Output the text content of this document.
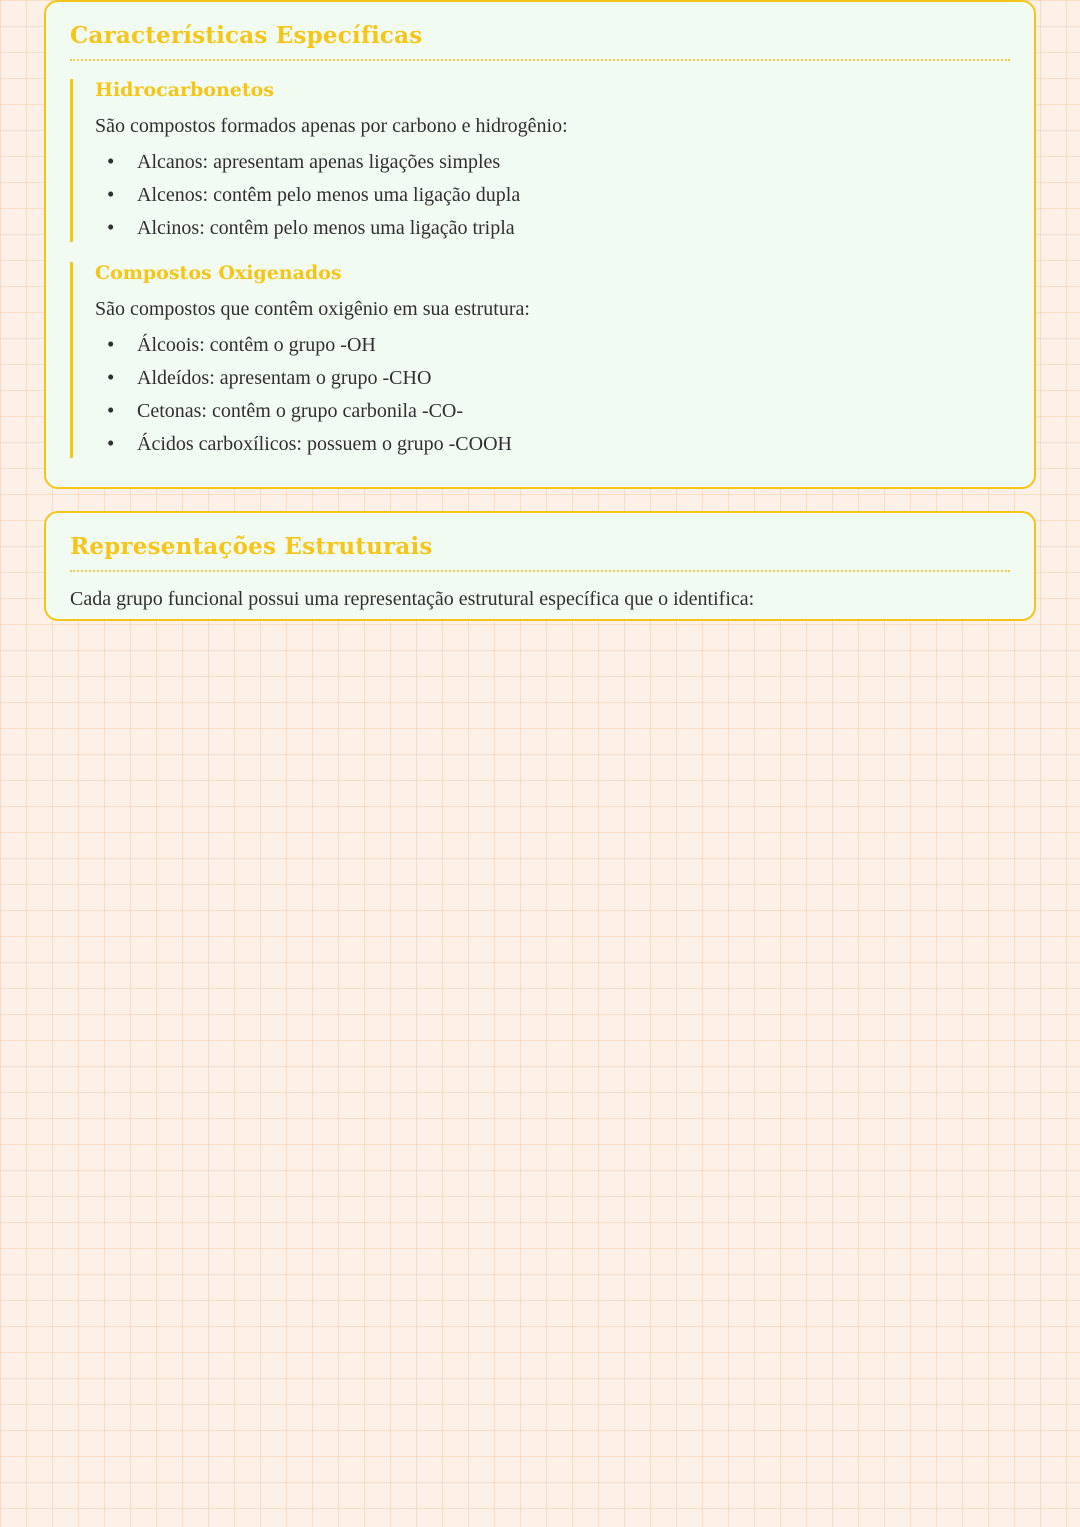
Características Específicas
Hidrocarbonetos

São compostos formados apenas por carbono e hidrogênio:

• Alcanos: apresentam apenas ligações simples
• Alcenos: contêm pelo menos uma ligação dupla
• Alcinos: contêm pelo menos uma ligação tripla
Compostos Oxigenados

São compostos que contêm oxigênio em sua estrutura:

• Álcoois: contêm o grupo -OH
• Aldeídos: apresentam o grupo -CHO
• Cetonas: contêm o grupo carbonila -CO-
• Ácidos carboxílicos: possuem o grupo -COOH
Representações Estruturais

Cada grupo funcional possui uma representação estrutural específica que o identifica:
